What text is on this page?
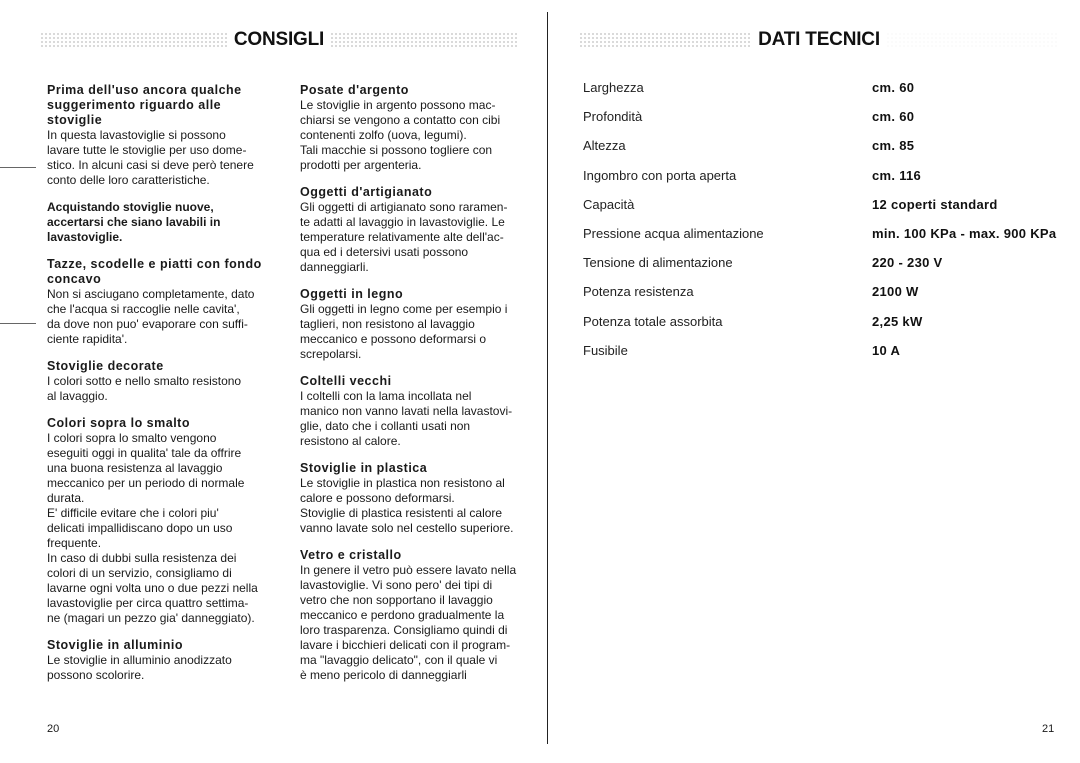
CONSIGLI
Prima dell'uso ancora qualche suggerimento riguardo alle stoviglie

In questa lavastoviglie si possono
lavare tutte le stoviglie per uso dome-
stico. In alcuni casi si deve però tenere
conto delle loro caratteristiche.

Acquistando stoviglie nuove,
accertarsi che siano lavabili in
lavastoviglie.

Tazze, scodelle e piatti con fondo concavo

Non si asciugano completamente, dato
che l'acqua si raccoglie nelle cavita',
da dove non puo' evaporare con suffi-
ciente rapidita'.

Stoviglie decorate

I colori sotto e nello smalto resistono
al lavaggio.

Colori sopra lo smalto

I colori sopra lo smalto vengono
eseguiti oggi in qualita' tale da offrire
una buona resistenza al lavaggio
meccanico per un periodo di normale
durata.
E' difficile evitare che i colori piu'
delicati impallidiscano dopo un uso
frequente.
In caso di dubbi sulla resistenza dei
colori di un servizio, consigliamo di
lavarne ogni volta uno o due pezzi nella
lavastoviglie per circa quattro settima-
ne (magari un pezzo gia' danneggiato).

Stoviglie in alluminio

Le stoviglie in alluminio anodizzato
possono scolorire.

Posate d'argento

Le stoviglie in argento possono mac-
chiarsi se vengono a contatto con cibi
contenenti zolfo (uova, legumi).
Tali macchie si possono togliere con
prodotti per argenteria.

Oggetti d'artigianato

Gli oggetti di artigianato sono raramen-
te adatti al lavaggio in lavastoviglie. Le
temperature relativamente alte dell'ac-
qua ed i detersivi usati possono
danneggiarli.

Oggetti in legno

Gli oggetti in legno come per esempio i
taglieri, non resistono al lavaggio
meccanico e possono deformarsi o
screpolarsi.

Coltelli vecchi

I coltelli con la lama incollata nel
manico non vanno lavati nella lavastovi-
glie, dato che i collanti usati non
resistono al calore.

Stoviglie in plastica

Le stoviglie in plastica non resistono al
calore e possono deformarsi.
Stoviglie di plastica resistenti al calore
vanno lavate solo nel cestello superiore.

Vetro e cristallo

In genere il vetro può essere lavato nella
lavastoviglie. Vi sono pero' dei tipi di
vetro che non sopportano il lavaggio
meccanico e perdono gradualmente la
loro trasparenza. Consigliamo quindi di
lavare i bicchieri delicati con il program-
ma "lavaggio delicato", con il quale vi
è meno pericolo di danneggiarli

20
DATI TECNICI
Larghezza	cm. 60
Profondità	cm. 60
Altezza	cm. 85
Ingombro con porta aperta	cm. 116
Capacità	12 coperti standard
Pressione acqua alimentazione	min. 100 KPa - max. 900 KPa
Tensione di alimentazione	220 - 230 V
Potenza resistenza	2100 W
Potenza totale assorbita	2,25 kW
Fusibile	10 A
21
